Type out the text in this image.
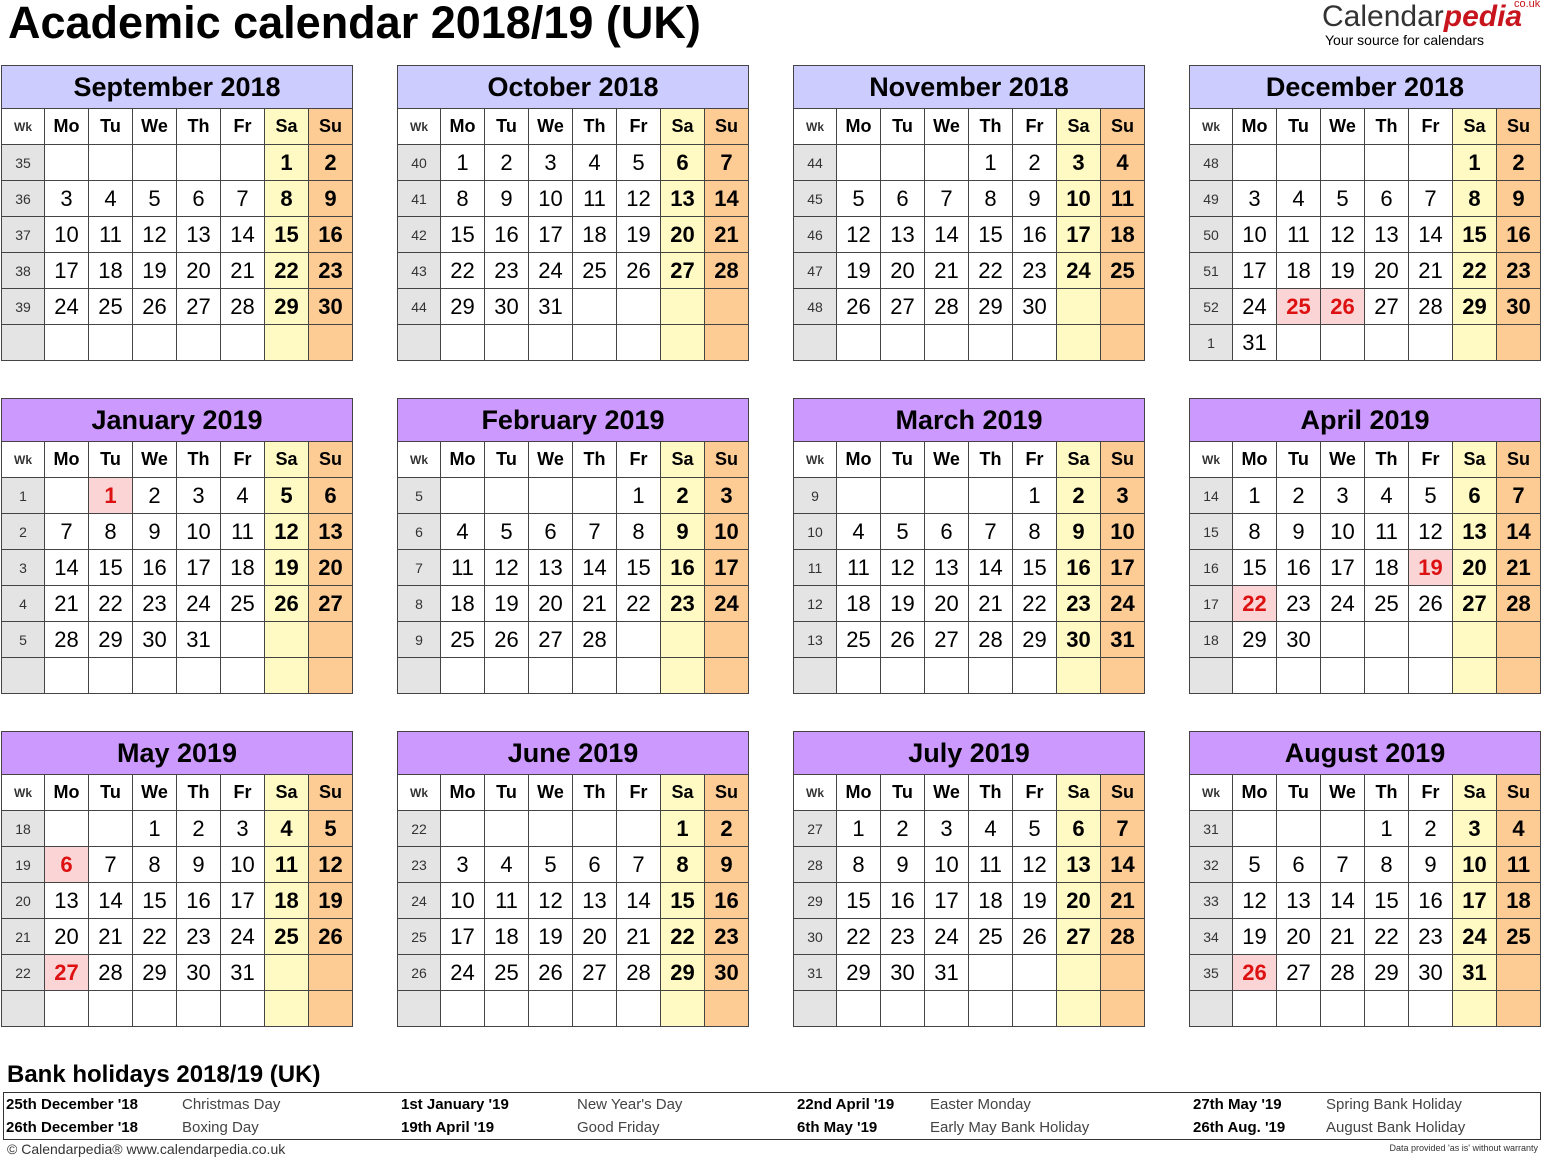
Academic calendar 2018/19 (UK)	co.uk
Calendarpedia
Your source for calendars
September 2018
Wk	Mo	Tu	We	Th	Fr	Sa	Su
35						1	2
36	3	4	5	6	7	8	9
37	10	11	12	13	14	15	16
38	17	18	19	20	21	22	23
39	24	25	26	27	28	29	30

October 2018
Wk	Mo	Tu	We	Th	Fr	Sa	Su
40	1	2	3	4	5	6	7
41	8	9	10	11	12	13	14
42	15	16	17	18	19	20	21
43	22	23	24	25	26	27	28
44	29	30	31				

November 2018
Wk	Mo	Tu	We	Th	Fr	Sa	Su
44				1	2	3	4
45	5	6	7	8	9	10	11
46	12	13	14	15	16	17	18
47	19	20	21	22	23	24	25
48	26	27	28	29	30		

December 2018
Wk	Mo	Tu	We	Th	Fr	Sa	Su
48						1	2
49	3	4	5	6	7	8	9
50	10	11	12	13	14	15	16
51	17	18	19	20	21	22	23
52	24	25	26	27	28	29	30
1	31						
January 2019
Wk	Mo	Tu	We	Th	Fr	Sa	Su
1		1	2	3	4	5	6
2	7	8	9	10	11	12	13
3	14	15	16	17	18	19	20
4	21	22	23	24	25	26	27
5	28	29	30	31			

February 2019
Wk	Mo	Tu	We	Th	Fr	Sa	Su
5					1	2	3
6	4	5	6	7	8	9	10
7	11	12	13	14	15	16	17
8	18	19	20	21	22	23	24
9	25	26	27	28			

March 2019
Wk	Mo	Tu	We	Th	Fr	Sa	Su
9					1	2	3
10	4	5	6	7	8	9	10
11	11	12	13	14	15	16	17
12	18	19	20	21	22	23	24
13	25	26	27	28	29	30	31

April 2019
Wk	Mo	Tu	We	Th	Fr	Sa	Su
14	1	2	3	4	5	6	7
15	8	9	10	11	12	13	14
16	15	16	17	18	19	20	21
17	22	23	24	25	26	27	28
18	29	30					

May 2019
Wk	Mo	Tu	We	Th	Fr	Sa	Su
18			1	2	3	4	5
19	6	7	8	9	10	11	12
20	13	14	15	16	17	18	19
21	20	21	22	23	24	25	26
22	27	28	29	30	31		

June 2019
Wk	Mo	Tu	We	Th	Fr	Sa	Su
22						1	2
23	3	4	5	6	7	8	9
24	10	11	12	13	14	15	16
25	17	18	19	20	21	22	23
26	24	25	26	27	28	29	30

July 2019
Wk	Mo	Tu	We	Th	Fr	Sa	Su
27	1	2	3	4	5	6	7
28	8	9	10	11	12	13	14
29	15	16	17	18	19	20	21
30	22	23	24	25	26	27	28
31	29	30	31				

August 2019
Wk	Mo	Tu	We	Th	Fr	Sa	Su
31				1	2	3	4
32	5	6	7	8	9	10	11
33	12	13	14	15	16	17	18
34	19	20	21	22	23	24	25
35	26	27	28	29	30	31	

Bank holidays 2018/19 (UK)
25th December '18	Christmas Day
26th December '18	Boxing Day
1st January '19	New Year's Day
19th April '19	Good Friday
22nd April '19 Easter Monday
6th May '19	Early May Bank Holiday
27th May '19	Spring Bank Holiday
26th Aug. '19	August Bank Holiday
© Calendarpedia® www.calendarpedia.co.uk	Data provided 'as is' without warranty
